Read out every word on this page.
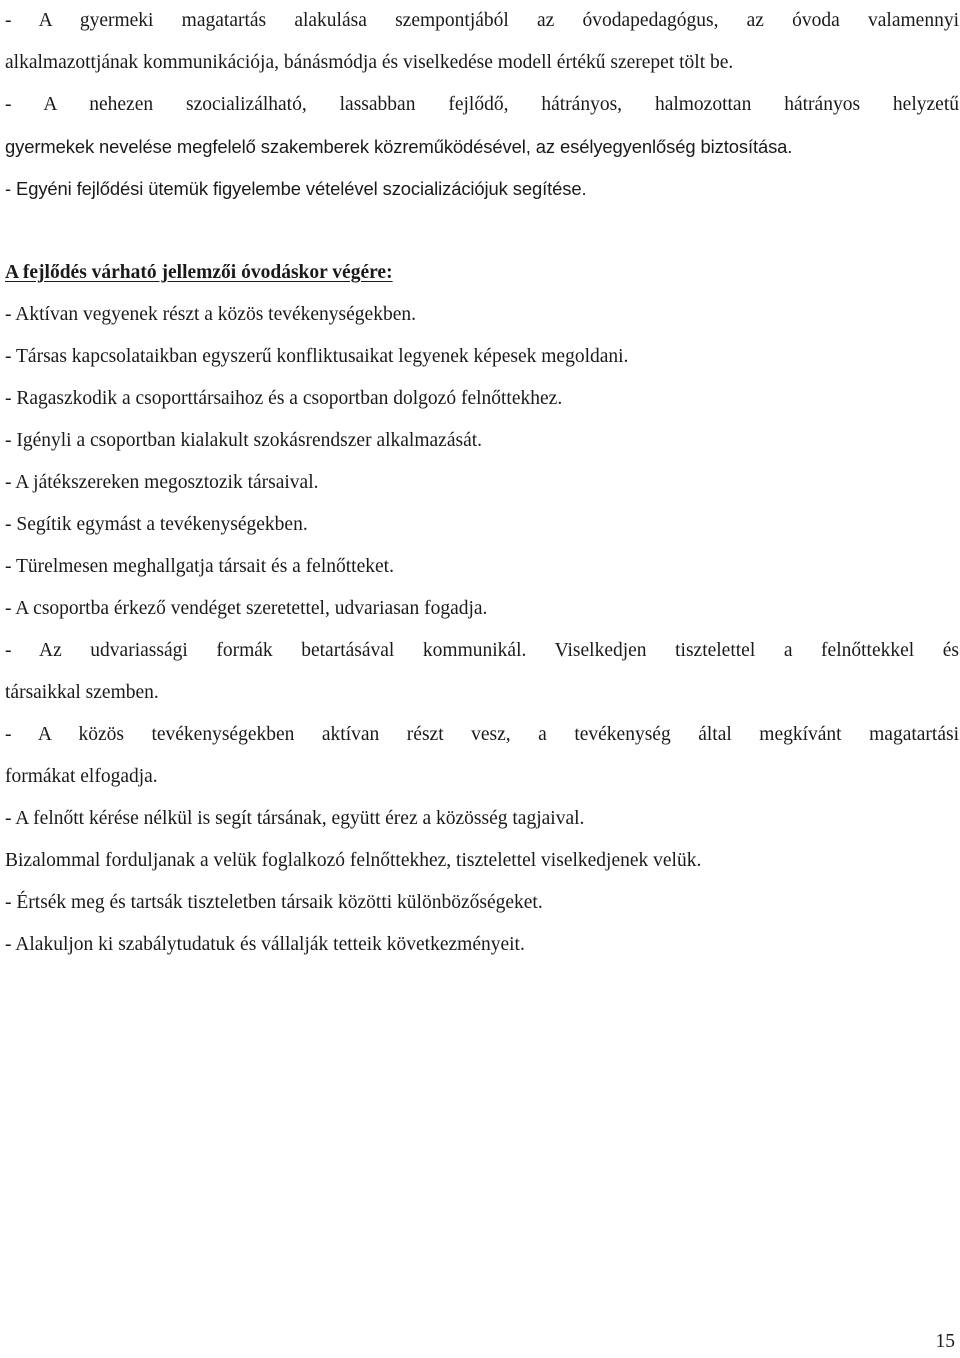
- A gyermeki magatartás alakulása szempontjából az óvodapedagógus, az óvoda valamennyi

alkalmazottjának kommunikációja, bánásmódja és viselkedése modell értékű szerepet tölt be.

- A nehezen szocializálható, lassabban fejlődő, hátrányos, halmozottan hátrányos helyzetű

gyermekek nevelése megfelelő szakemberek közreműködésével, az esélyegyenlőség biztosítása.

- Egyéni fejlődési ütemük figyelembe vételével szocializációjuk segítése.

A fejlődés várható jellemzői óvodáskor végére:

- Aktívan vegyenek részt a közös tevékenységekben.

- Társas kapcsolataikban egyszerű konfliktusaikat legyenek képesek megoldani.

- Ragaszkodik a csoporttársaihoz és a csoportban dolgozó felnőttekhez.

- Igényli a csoportban kialakult szokásrendszer alkalmazását.

- A játékszereken megosztozik társaival.

- Segítik egymást a tevékenységekben.

- Türelmesen meghallgatja társait és a felnőtteket.

- A csoportba érkező vendéget szeretettel, udvariasan fogadja.

- Az udvariassági formák betartásával kommunikál. Viselkedjen tisztelettel a felnőttekkel és

társaikkal szemben.

- A közös tevékenységekben aktívan részt vesz, a tevékenység által megkívánt magatartási

formákat elfogadja.

- A felnőtt kérése nélkül is segít társának, együtt érez a közösség tagjaival.

Bizalommal forduljanak a velük foglalkozó felnőttekhez, tisztelettel viselkedjenek velük.

- Értsék meg és tartsák tiszteletben társaik közötti különbözőségeket.

- Alakuljon ki szabálytudatuk és vállalják tetteik következményeit.

15
